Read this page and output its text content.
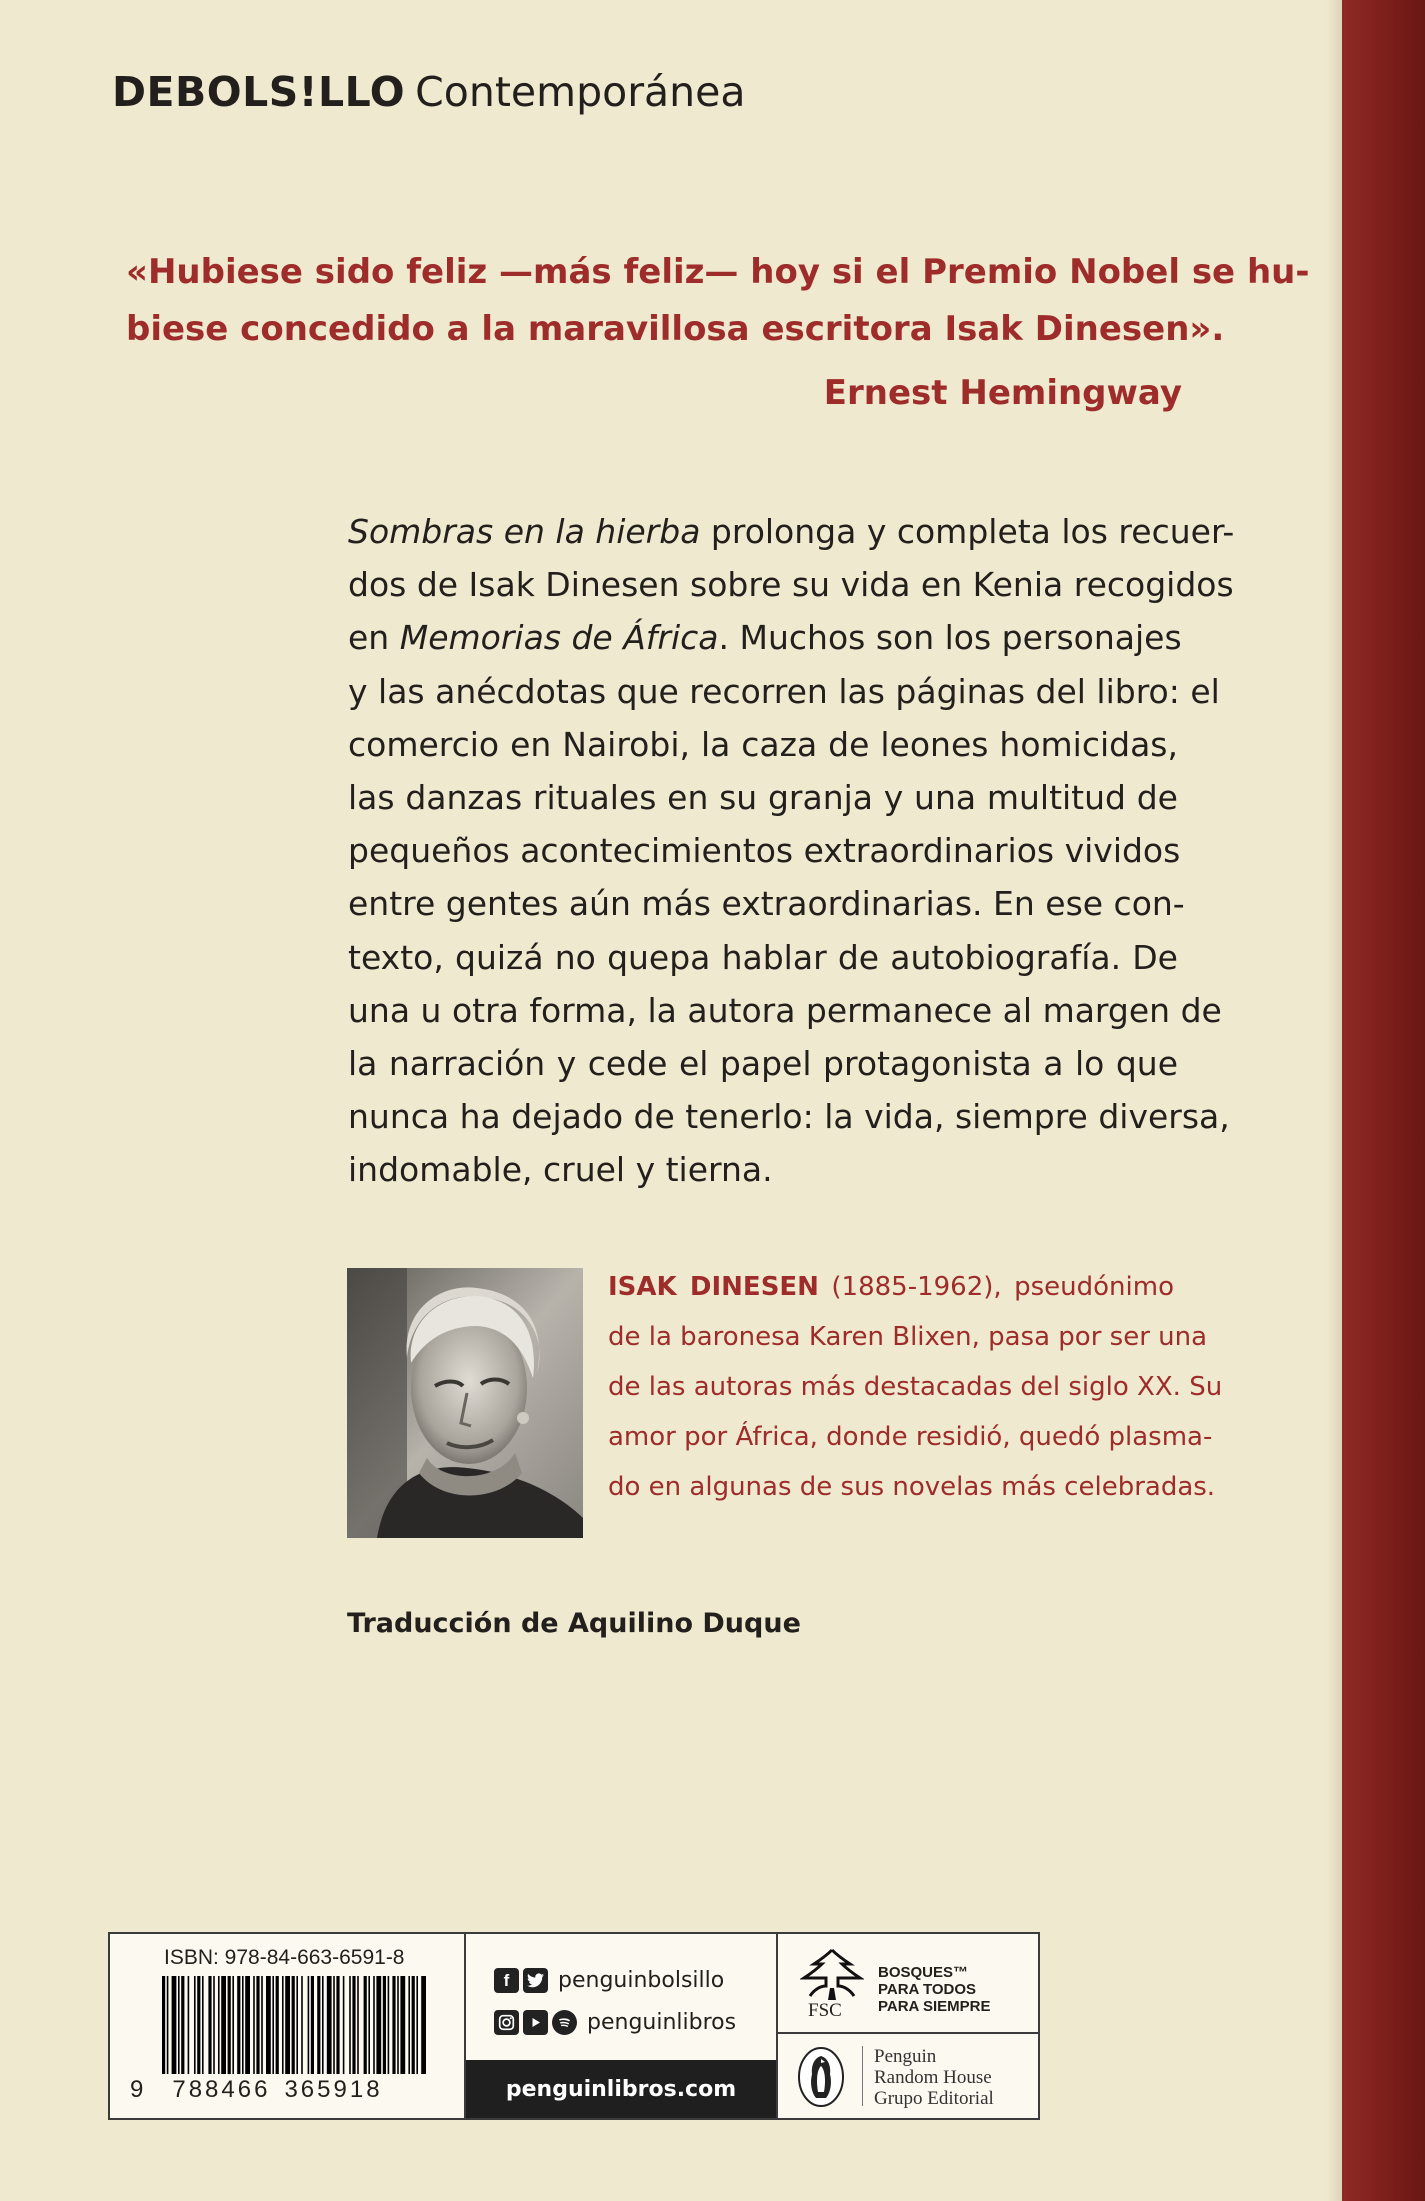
DEBOLS!LLO Contemporánea
«Hubiese sido feliz —más feliz— hoy si el Premio Nobel se hu-
biese concedido a la maravillosa escritora Isak Dinesen».
Ernest Hemingway
Sombras en la hierba prolonga y completa los recuer-
dos de Isak Dinesen sobre su vida en Kenia recogidos
en Memorias de África. Muchos son los personajes
y las anécdotas que recorren las páginas del libro: el
comercio en Nairobi, la caza de leones homicidas,
las danzas rituales en su granja y una multitud de
pequeños acontecimientos extraordinarios vividos
entre gentes aún más extraordinarias. En ese con-
texto, quizá no quepa hablar de autobiografía. De
una u otra forma, la autora permanece al margen de
la narración y cede el papel protagonista a lo que
nunca ha dejado de tenerlo: la vida, siempre diversa,
indomable, cruel y tierna.
ISAK DINESEN (1885-1962), pseudónimo
de la baronesa Karen Blixen, pasa por ser una
de las autoras más destacadas del siglo XX. Su
amor por África, donde residió, quedó plasma-
do en algunas de sus novelas más celebradas.
Traducción de Aquilino Duque
ISBN: 978-84-663-6591-8
9 788466 365918
f	penguinbolsillo
penguinlibros
penguinlibros.com
FSC
BOSQUES™
PARA TODOS
PARA SIEMPRE
Penguin
Random House
Grupo Editorial
